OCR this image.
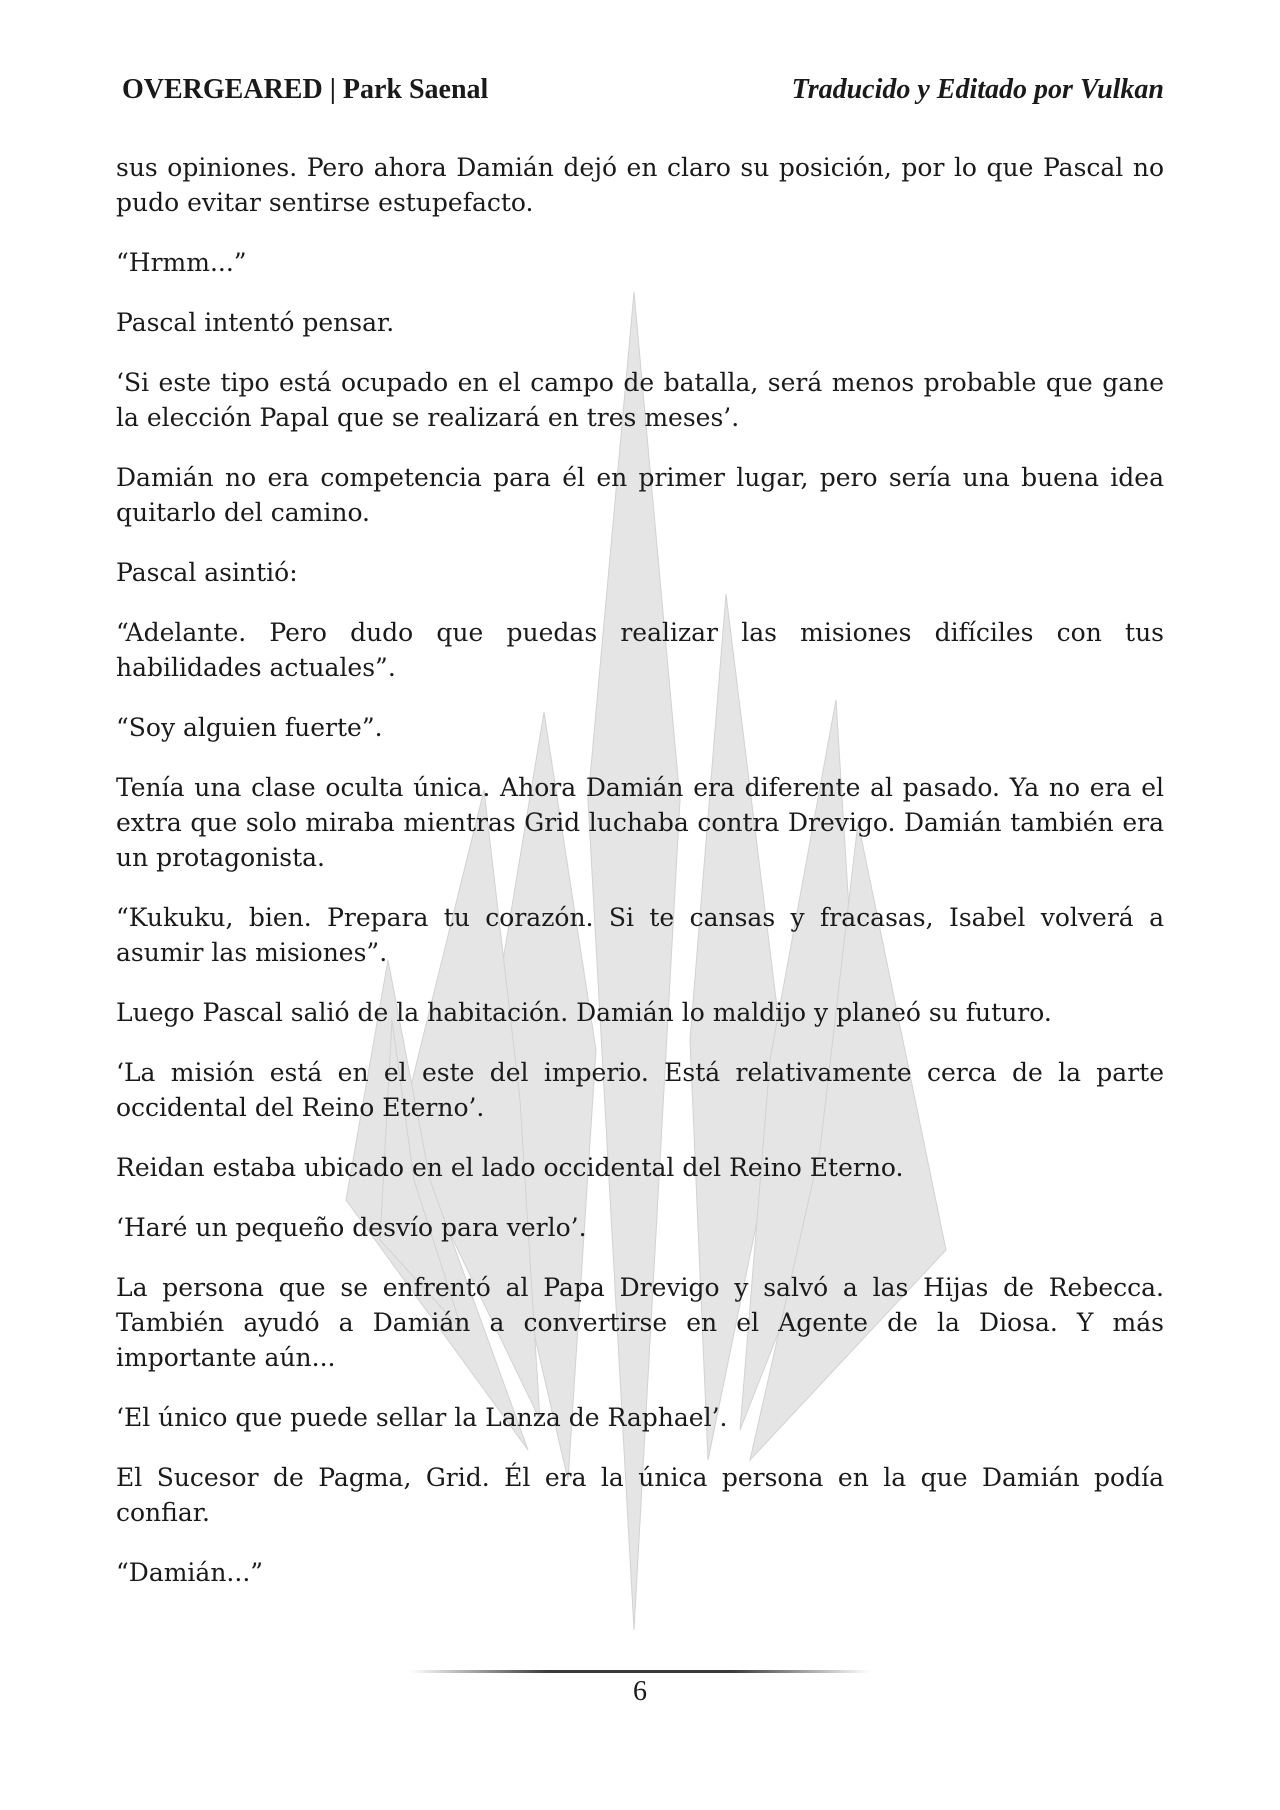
OVERGEARED | Park Saenal	Traducido y Editado por Vulkan

sus opiniones. Pero ahora Damián dejó en claro su posición, por lo que Pascal no pudo evitar sentirse estupefacto.

“Hrmm...”

Pascal intentó pensar.

‘Si este tipo está ocupado en el campo de batalla, será menos probable que gane la elección Papal que se realizará en tres meses’.

Damián no era competencia para él en primer lugar, pero sería una buena idea quitarlo del camino.

Pascal asintió:

“Adelante. Pero dudo que puedas realizar las misiones difíciles con tus habilidades actuales”.

“Soy alguien fuerte”.

Tenía una clase oculta única. Ahora Damián era diferente al pasado. Ya no era el extra que solo miraba mientras Grid luchaba contra Drevigo. Damián también era un protagonista.

“Kukuku, bien. Prepara tu corazón. Si te cansas y fracasas, Isabel volverá a asumir las misiones”.

Luego Pascal salió de la habitación. Damián lo maldijo y planeó su futuro.

‘La misión está en el este del imperio. Está relativamente cerca de la parte occidental del Reino Eterno’.

Reidan estaba ubicado en el lado occidental del Reino Eterno.

‘Haré un pequeño desvío para verlo’.

La persona que se enfrentó al Papa Drevigo y salvó a las Hijas de Rebecca. También ayudó a Damián a convertirse en el Agente de la Diosa. Y más importante aún...

‘El único que puede sellar la Lanza de Raphael’.

El Sucesor de Pagma, Grid. Él era la única persona en la que Damián podía confiar.

“Damián...”

6
